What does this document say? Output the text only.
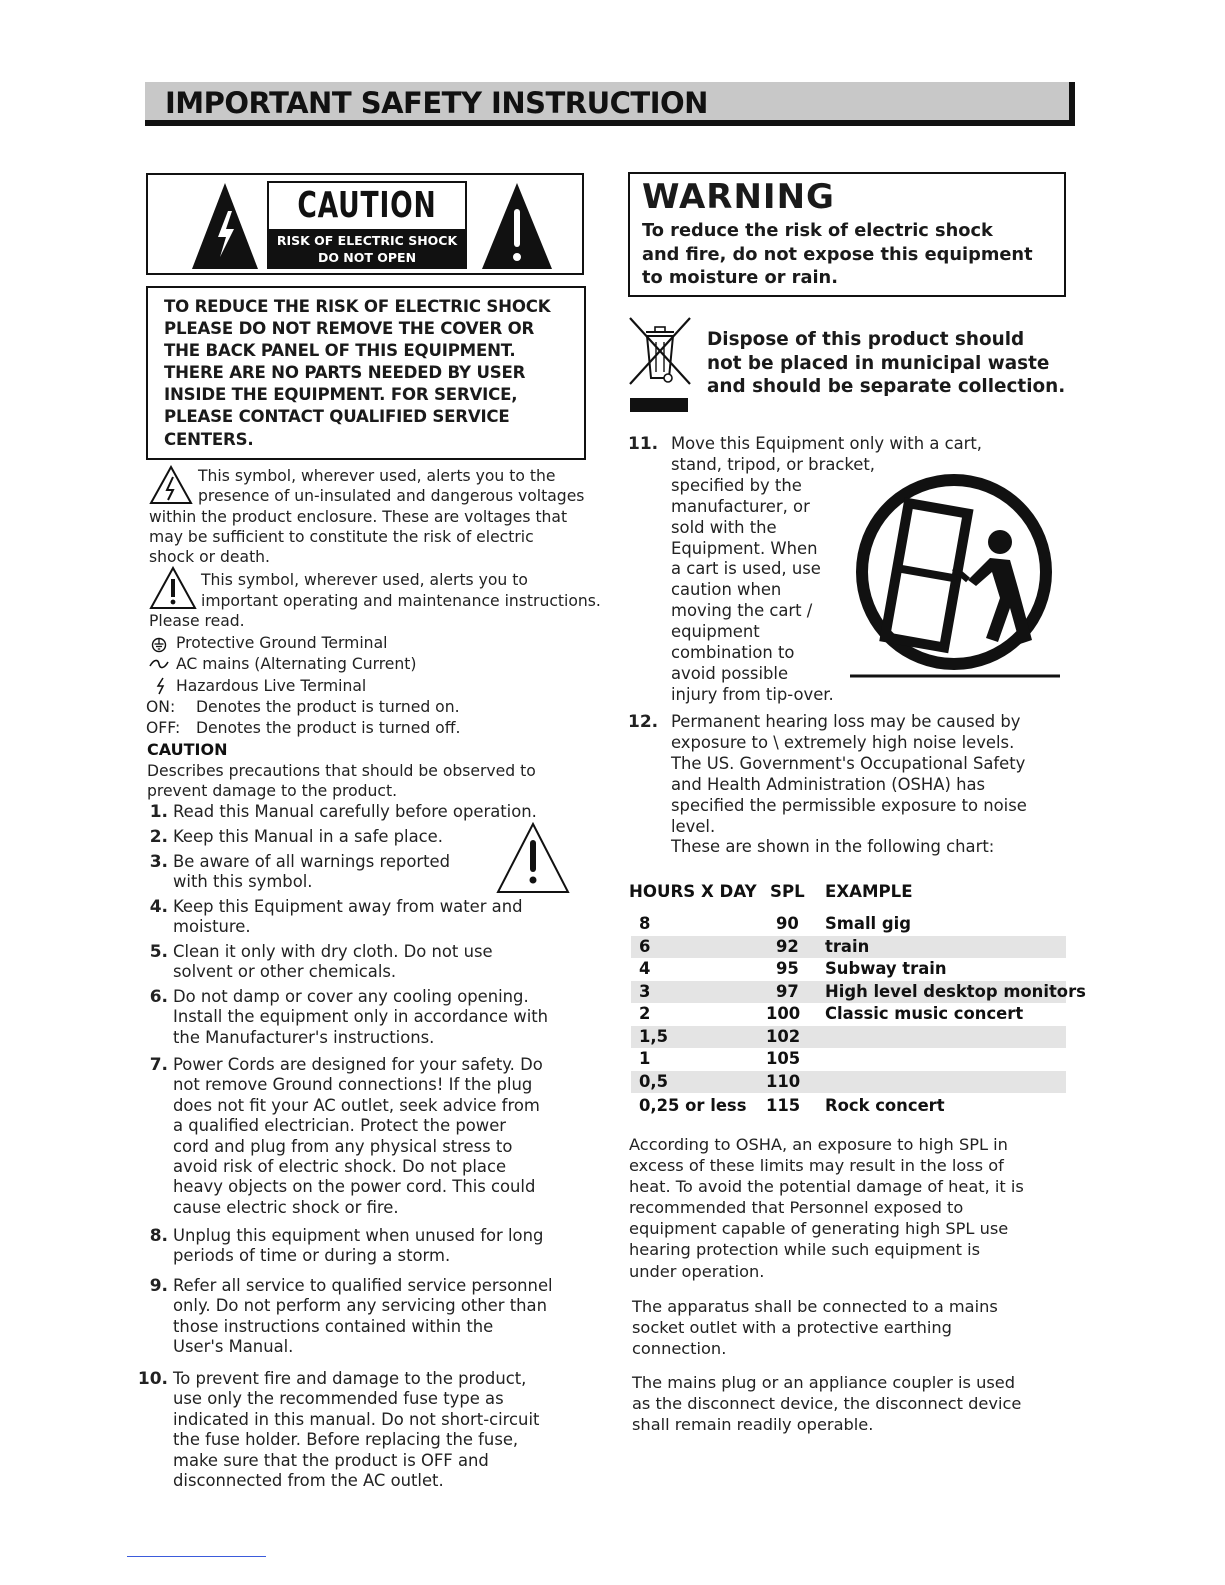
IMPORTANT SAFETY INSTRUCTION
CAUTION
RISK OF ELECTRIC SHOCK
DO NOT OPEN
TO REDUCE THE RISK OF ELECTRIC SHOCK
PLEASE DO NOT REMOVE THE COVER OR
THE BACK PANEL OF THIS EQUIPMENT.
THERE ARE NO PARTS NEEDED BY USER
INSIDE THE EQUIPMENT. FOR SERVICE,
PLEASE CONTACT QUALIFIED SERVICE
CENTERS.
This symbol, wherever used, alerts you to the
presence of un-insulated and dangerous voltages
within the product enclosure. These are voltages that
may be sufficient to constitute the risk of electric
shock or death.
This symbol, wherever used, alerts you to
important operating and maintenance instructions.
Please read.
Protective Ground Terminal
AC mains (Alternating Current)
Hazardous Live Terminal
ON: Denotes the product is turned on.
OFF: Denotes the product is turned off.
CAUTION
Describes precautions that should be observed to
prevent damage to the product.
1. Read this Manual carefully before operation.
2. Keep this Manual in a safe place.
3. Be aware of all warnings reported
with this symbol.
4. Keep this Equipment away from water and
moisture.
5. Clean it only with dry cloth. Do not use
solvent or other chemicals.
6. Do not damp or cover any cooling opening.
Install the equipment only in accordance with
the Manufacturer's instructions.
7. Power Cords are designed for your safety. Do
not remove Ground connections! If the plug
does not fit your AC outlet, seek advice from
a qualified electrician. Protect the power
cord and plug from any physical stress to
avoid risk of electric shock. Do not place
heavy objects on the power cord. This could
cause electric shock or fire.
8. Unplug this equipment when unused for long
periods of time or during a storm.
9. Refer all service to qualified service personnel
only. Do not perform any servicing other than
those instructions contained within the
User's Manual.
10. To prevent fire and damage to the product,
use only the recommended fuse type as
indicated in this manual. Do not short-circuit
the fuse holder. Before replacing the fuse,
make sure that the product is OFF and
disconnected from the AC outlet.
WARNING
To reduce the risk of electric shock
and fire, do not expose this equipment
to moisture or rain.
Dispose of this product should
not be placed in municipal waste
and should be separate collection.
11. Move this Equipment only with a cart,
stand, tripod, or bracket,
specified by the
manufacturer, or
sold with the
Equipment. When
a cart is used, use
caution when
moving the cart /
equipment
combination to
avoid possible
injury from tip-over.
12. Permanent hearing loss may be caused by
exposure to \ extremely high noise levels.
The US. Government's Occupational Safety
and Health Administration (OSHA) has
specified the permissible exposure to noise
level.
These are shown in the following chart:
HOURS X DAY SPL EXAMPLE
8	90 Small gig
6	92 train
4	95 Subway train
3	97 High level desktop monitors
2	100 Classic music concert
1,5	102
1	105
0,5	110
0,25 or less 115 Rock concert
According to OSHA, an exposure to high SPL in
excess of these limits may result in the loss of
heat. To avoid the potential damage of heat, it is
recommended that Personnel exposed to
equipment capable of generating high SPL use
hearing protection while such equipment is
under operation.
The apparatus shall be connected to a mains
socket outlet with a protective earthing
connection.
The mains plug or an appliance coupler is used
as the disconnect device, the disconnect device
shall remain readily operable.
